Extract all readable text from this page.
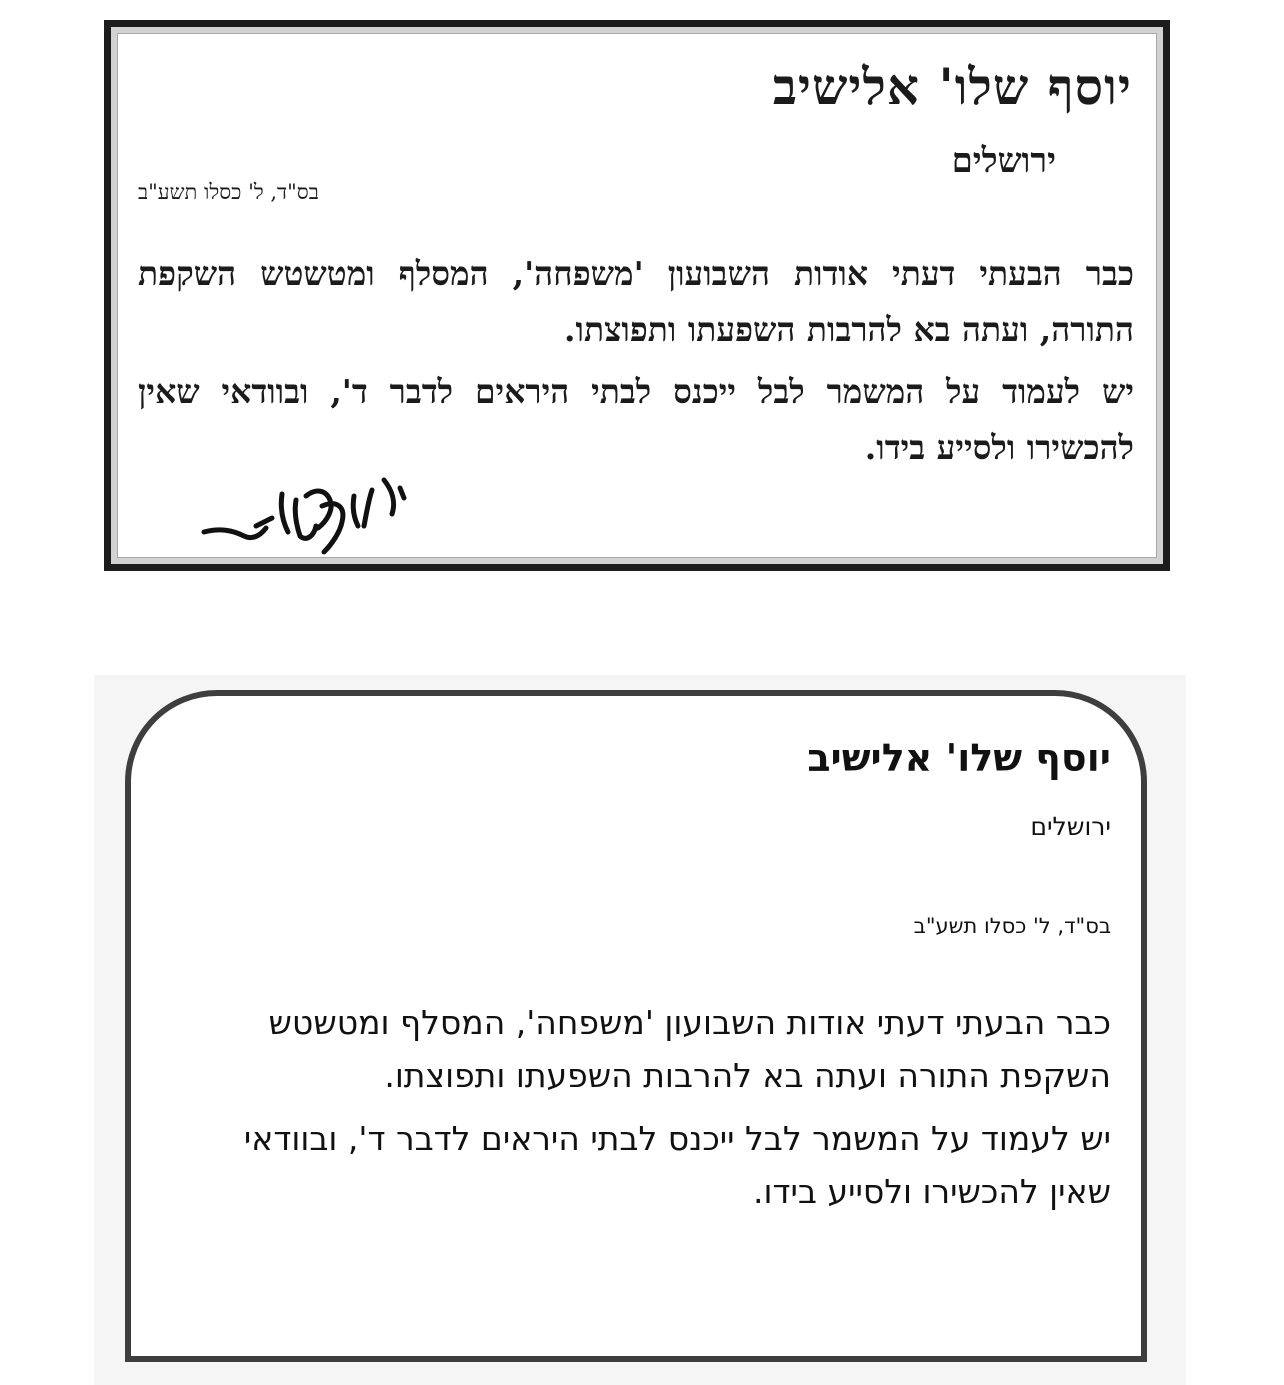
יוסף שלו' אלישיב
ירושלים
בס"ד, ל' כסלו תשע"ב

כבר הבעתי דעתי אודות השבועון 'משפחה', המסלף ומטשטש השקפת התורה, ועתה בא להרבות השפעתו ותפוצתו.

יש לעמוד על המשמר לבל ייכנס לבתי היראים לדבר ד', ובוודאי שאין להכשירו ולסייע בידו.

יוסף שלו' אלישיב
ירושלים
בס"ד, ל' כסלו תשע"ב

כבר הבעתי דעתי אודות השבועון 'משפחה', המסלף ומטשטש השקפת התורה ועתה בא להרבות השפעתו ותפוצתו.

יש לעמוד על המשמר לבל ייכנס לבתי היראים לדבר ד', ובוודאי שאין להכשירו ולסייע בידו.
